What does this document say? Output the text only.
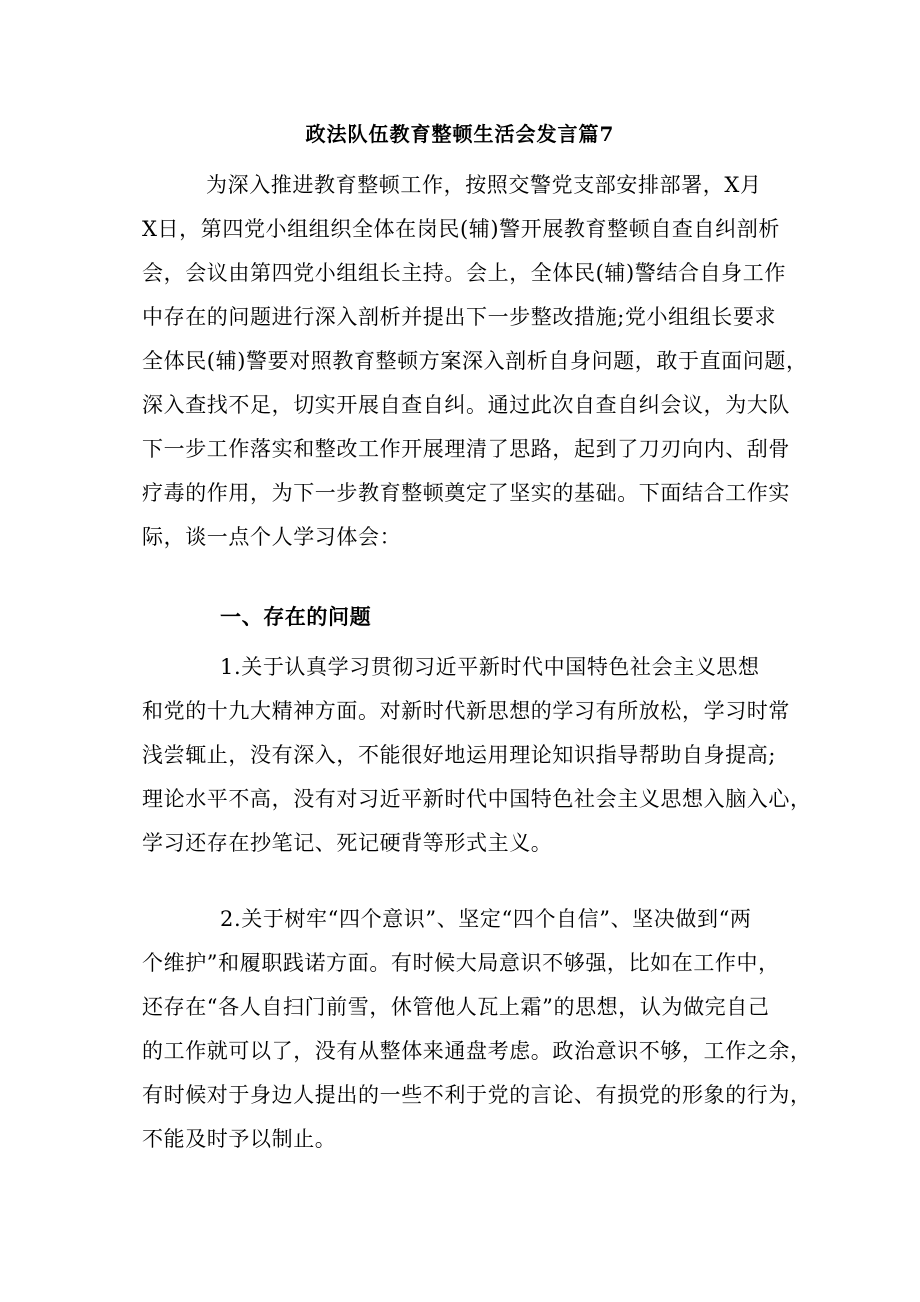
政法队伍教育整顿生活会发言篇7
为深入推进教育整顿工作，按照交警党支部安排部署，X月
X日，第四党小组组织全体在岗民(辅)警开展教育整顿自查自纠剖析
会，会议由第四党小组组长主持。会上，全体民(辅)警结合自身工作
中存在的问题进行深入剖析并提出下一步整改措施;党小组组长要求
全体民(辅)警要对照教育整顿方案深入剖析自身问题，敢于直面问题，
深入查找不足，切实开展自查自纠。通过此次自查自纠会议，为大队
下一步工作落实和整改工作开展理清了思路，起到了刀刃向内、刮骨
疗毒的作用，为下一步教育整顿奠定了坚实的基础。下面结合工作实
际，谈一点个人学习体会：
一、存在的问题
1.关于认真学习贯彻习近平新时代中国特色社会主义思想
和党的十九大精神方面。对新时代新思想的学习有所放松，学习时常
浅尝辄止，没有深入，不能很好地运用理论知识指导帮助自身提高;
理论水平不高，没有对习近平新时代中国特色社会主义思想入脑入心，
学习还存在抄笔记、死记硬背等形式主义。
2.关于树牢“四个意识”、坚定“四个自信”、坚决做到“两
个维护”和履职践诺方面。有时候大局意识不够强，比如在工作中，
还存在“各人自扫门前雪，休管他人瓦上霜”的思想，认为做完自己
的工作就可以了，没有从整体来通盘考虑。政治意识不够，工作之余，
有时候对于身边人提出的一些不利于党的言论、有损党的形象的行为，
不能及时予以制止。
